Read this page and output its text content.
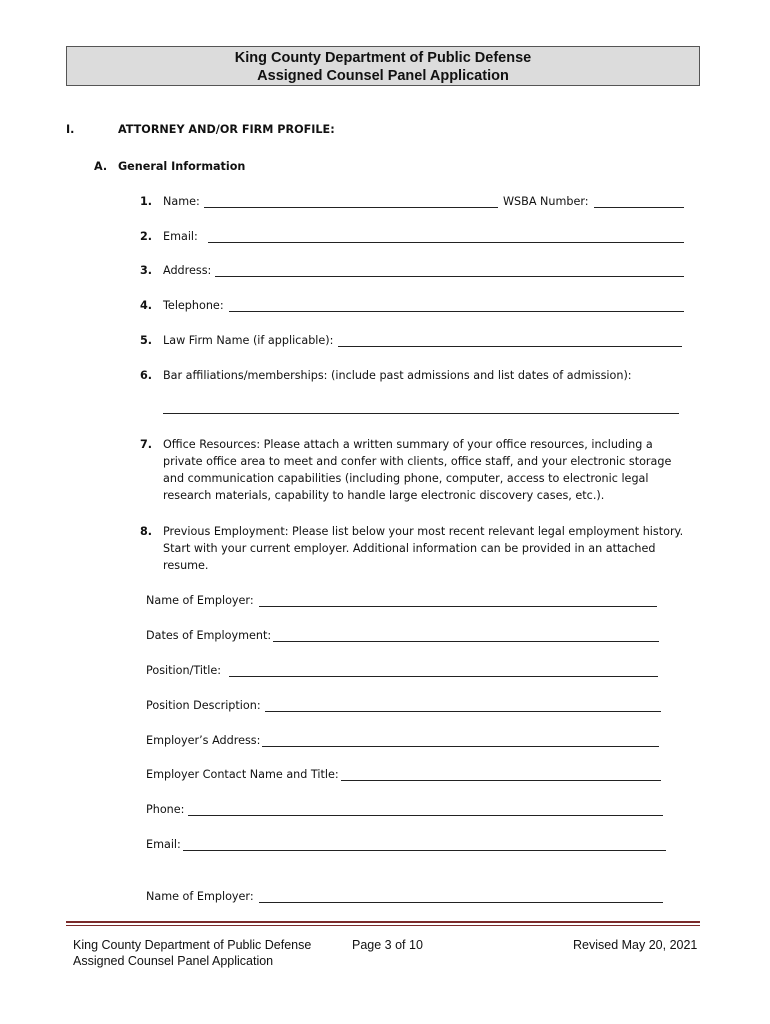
King County Department of Public Defense
Assigned Counsel Panel Application
I.	ATTORNEY AND/OR FIRM PROFILE:
A. General Information
1. Name:	WSBA Number:
2. Email:
3. Address:
4. Telephone:
5. Law Firm Name (if applicable):
6. Bar affiliations/memberships: (include past admissions and list dates of admission):
7. Office Resources: Please attach a written summary of your office resources, including a private office area to meet and confer with clients, office staff, and your electronic storage and communication capabilities (including phone, computer, access to electronic legal research materials, capability to handle large electronic discovery cases, etc.).
8. Previous Employment: Please list below your most recent relevant legal employment history. Start with your current employer. Additional information can be provided in an attached resume.
Name of Employer:
Dates of Employment:
Position/Title:
Position Description:
Employer’s Address:
Employer Contact Name and Title:
Phone:
Email:
Name of Employer:
King County Department of Public Defense
Assigned Counsel Panel Application
Page 3 of 10	Revised May 20, 2021
